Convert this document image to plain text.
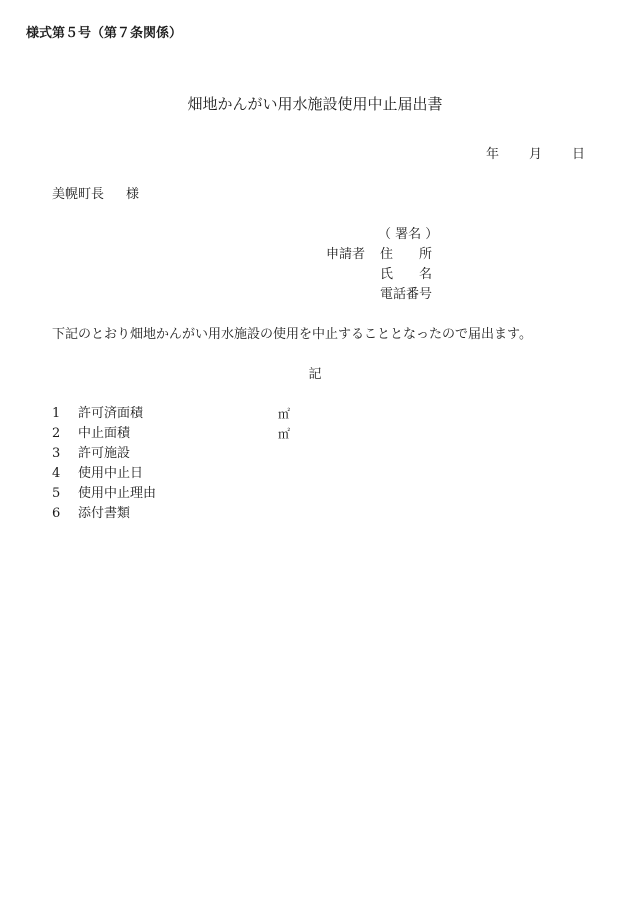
様式第５号（第７条関係）
畑地かんがい用水施設使用中止届出書
年 月 日
美幌町長 様
（ 署名 ）
申請者 住 所
氏 名
電話番号
下記のとおり畑地かんがい用水施設の使用を中止することとなったので届出ます。
記
1 許可済面積	㎡
2 中止面積	㎡
3 許可施設
4 使用中止日
5 使用中止理由
6 添付書類
